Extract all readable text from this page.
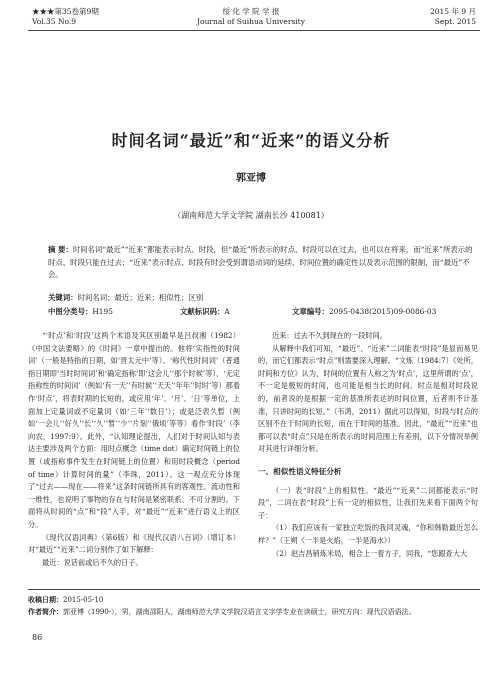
★★★第35卷第9期
Vol.35 No.9
绥 化 学 院 学 报
Journal of Suihua University
2015 年 9 月
Sept. 2015
时间名词“最近”和“近来”的语义分析
郭亚博
（湖南师范大学文学院 湖南长沙 410081）
摘 要：时间名词“最近”“近来”都能表示时点、时段，但“最近”所表示的时点、时段可以在过去，也可以在将来，而“近来”所表示的时点、时段只能在过去；“近来”表示时点、时段有时会受到谓语动词的延续、时间位置的确定性以及表示范围的限制，而“最近”不会。
关键词：时间名词；最近；近来；相似性；区别
中图分类号：H195	文献标识码：A	文章编号：2095-0438(2015)09-0086-03

“‘时点’和‘时段’这两个术语及其区别最早是吕叔湘（1982）《中国文法要略》的《时间》一章中提出的。他将‘实指性的时间词’（一般是特指的日期，如‘晋太元中’等）、‘称代性时间词’（普通指日期即‘当时时间词’和‘确定指称’即‘这会儿’‘那个时候’等），‘无定指称性的时间词’（例如‘有一天’‘有时候’‘天天’‘年年’‘时时’等）都看作‘时点’，将表时期的长短的，或应用‘年’、‘月’、‘日’等单位，上面加上定量词或不定量词（如‘三年’‘数日’）；或是泛表久暂（例如‘一会儿’‘好久’‘长’‘久’‘暂’‘少’‘片刻’‘俄顷’等等）看作‘时段’（李向农，1997:9）。此外，“认知理论提出，人们对于时间认知与表达主要涉及两个方面：用时点概念（time dot）确定时间链上的位置（或指称事件发生在时间链上的位置）和用时段概念（period of time）计算时间的量”（李珠，2011）。这一观点充分体现了“过去——现在——将来”这条时间链所具有的客观性、流动性和一维性，也说明了事物的存在与时间是紧密联系、不可分割的。下面将从时间的“点”和“段”入手，对“最近”“近来”进行语义上的区分。

《现代汉语词典》（第6版）和《现代汉语八百词》（增订本）对“最近”“近来”二词分别作了如下解释：

最近：说话前或后不久的日子。

近来：过去不久到现在的一段时间。

从解释中我们可知，“最近”、“近来”二词能表“时段”是显而易见的，而它们都表示“时点”则需要深入理解。“文炼（1984:7）《处所，时间和方位》认为，时间的位置有人称之为‘时点’，这里所谓的‘点’，不一定是极短的时间，也可能是相当长的时间。时点是相对时段说的，前者说的是根据一定的基准所表达的时间位置，后者则不计基准，只讲时间的长短。”（韦鸿，2011）据此可以得知，时段与时点的区别不在于时间的长短，而在于时间的基准。因此，“最近”“近来”也都可以表“时点”只是在所表示的时间范围上有差别，以下分情况举例对其进行详细分析。

一、相似性语义特征分析

（一）表“时段”上的相似性。“最近”“近来”二词都能表示“时段”，二词在表“时段”上有一定的相似性，让我们先来看下面两个句子：

（1）我们应该有一家独立吃饭的我同灵魂，“你和韩勒最近怎么样？”（王朔《一半是火焰，一半是海水》）

（2）赵吉昌销炼米局，相合上一着方子，同我，“您跟查大大

收稿日期：2015-05-10
作者简介：郭亚博（1990-），男，湖南邵阳人，湖南师范大学文学院汉语言文字学专业在读硕士，研究方向：现代汉语语法。
86
